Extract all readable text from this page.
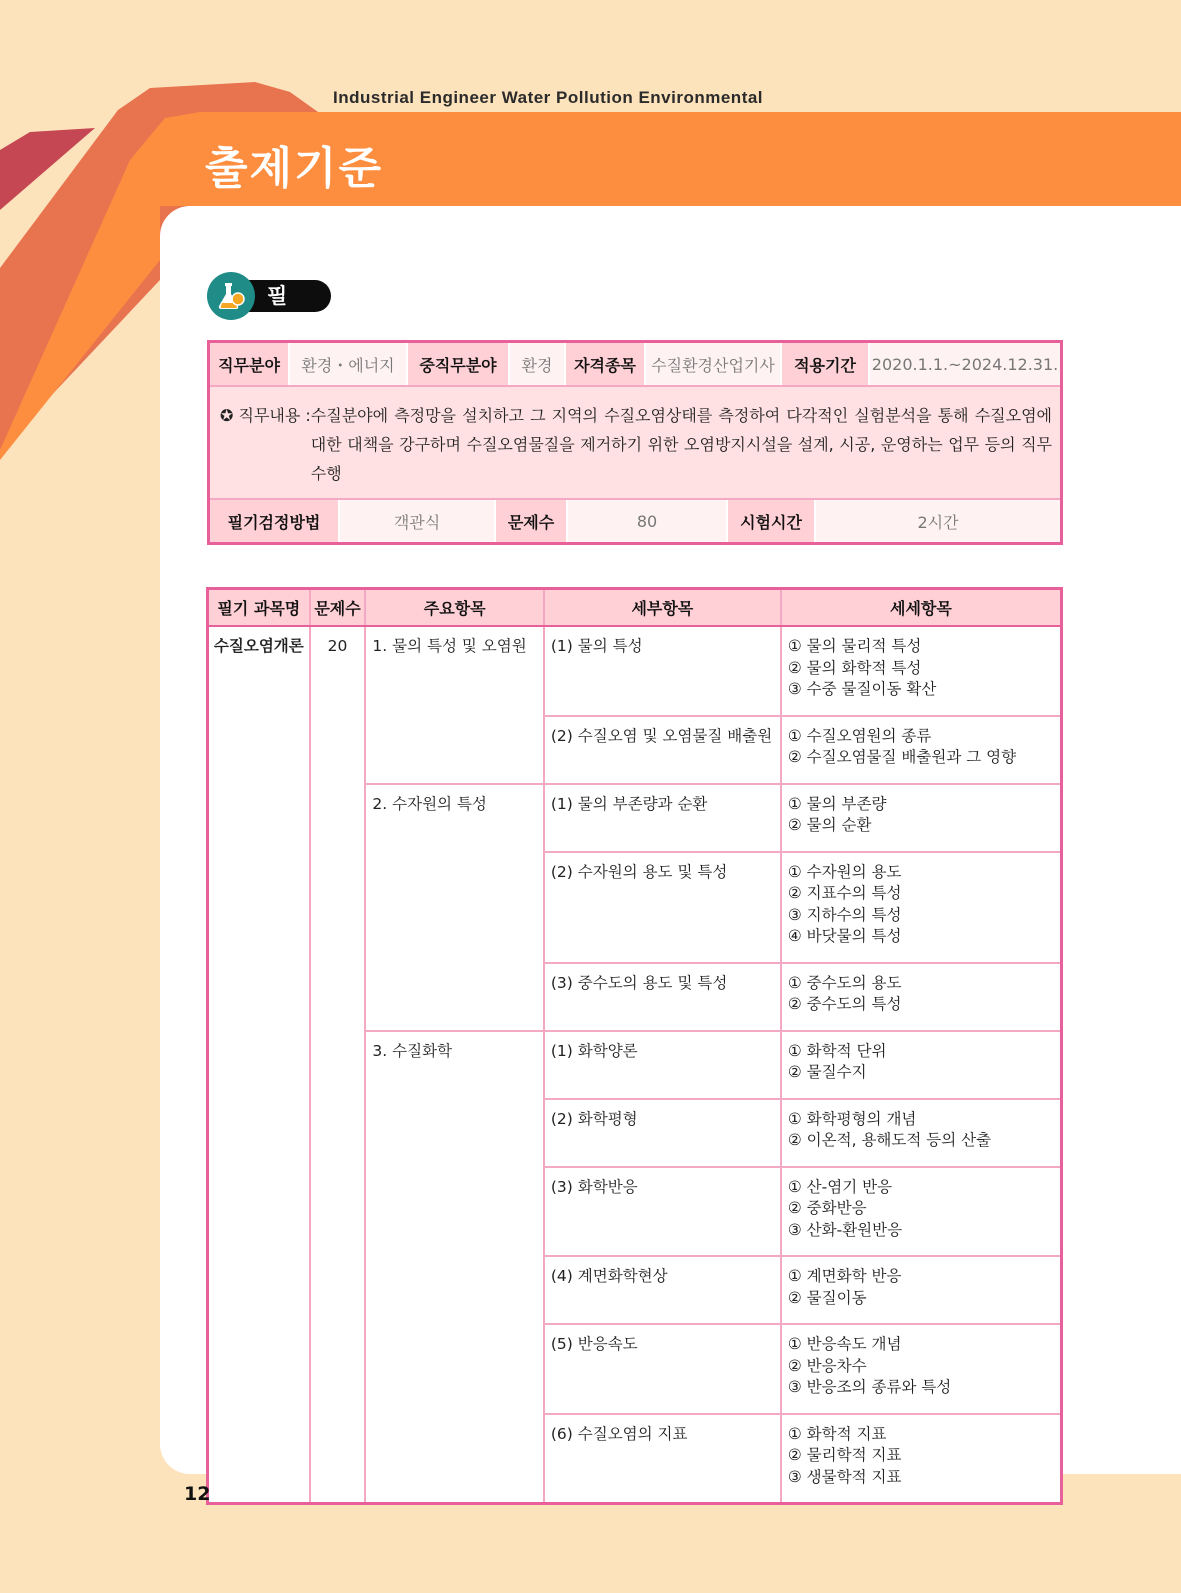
Industrial Engineer Water Pollution Environmental
출제기준
필 기
직무분야	환경・에너지	중직무분야	환경	자격종목 수질환경산업기사	적용기간 2020.1.1.~2024.12.31.
✪ 직무내용 : 수질분야에 측정망을 설치하고 그 지역의 수질오염상태를 측정하여 다각적인 실험분석을 통해 수질오염에 대한 대책을 강구하며 수질오염물질을 제거하기 위한 오염방지시설을 설계, 시공, 운영하는 업무 등의 직무 수행
필기검정방법	객관식	문제수	80	시험시간	2시간
필기 과목명	문제수	주요항목	세부항목	세세항목
수질오염개론	20	1. 물의 특성 및 오염원	(1) 물의 특성	① 물의 물리적 특성
② 물의 화학적 특성
③ 수중 물질이동 확산

			(2) 수질오염 및 오염물질 배출원	① 수질오염원의 종류
② 수질오염물질 배출원과 그 영향

		2. 수자원의 특성	(1) 물의 부존량과 순환	① 물의 부존량
② 물의 순환

			(2) 수자원의 용도 및 특성	① 수자원의 용도
② 지표수의 특성
③ 지하수의 특성
④ 바닷물의 특성

			(3) 중수도의 용도 및 특성	① 중수도의 용도
② 중수도의 특성

		3. 수질화학	(1) 화학양론	① 화학적 단위
② 물질수지

			(2) 화학평형	① 화학평형의 개념
② 이온적, 용해도적 등의 산출

			(3) 화학반응	① 산-염기 반응
② 중화반응
③ 산화-환원반응

			(4) 계면화학현상	① 계면화학 반응
② 물질이동

			(5) 반응속도	① 반응속도 개념
② 반응차수
③ 반응조의 종류와 특성

			(6) 수질오염의 지표	① 화학적 지표
② 물리학적 지표
③ 생물학적 지표
12
